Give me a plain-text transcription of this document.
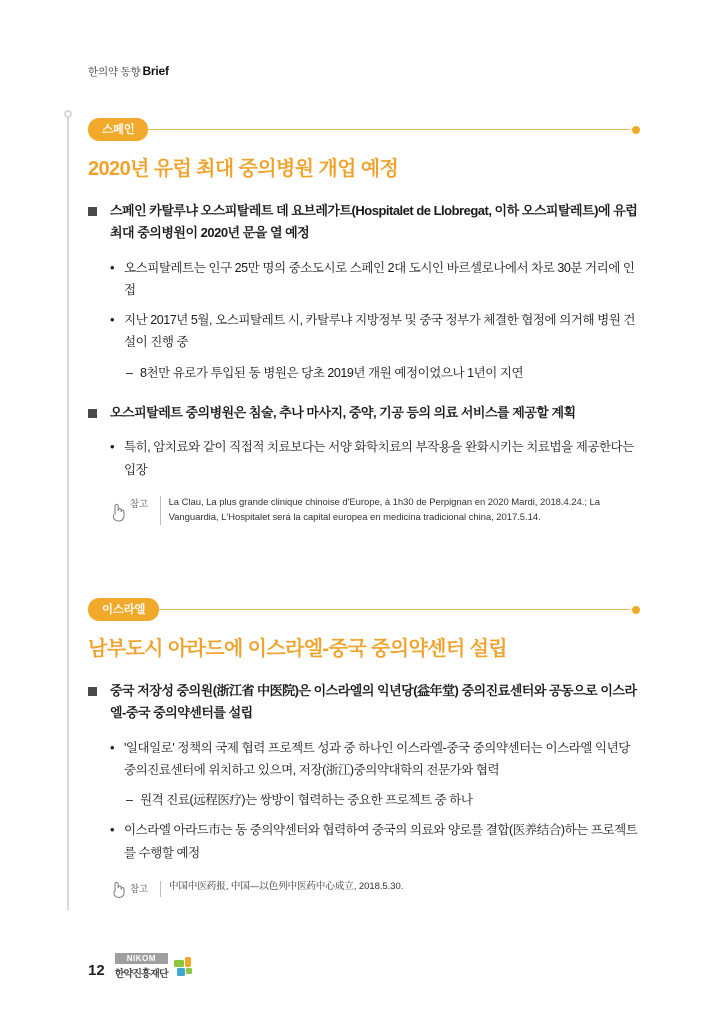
한의약 동향 Brief
스페인
2020년 유럽 최대 중의병원 개업 예정
스페인 카탈루냐 오스피탈레트 데 요브레가트(Hospitalet de Llobregat, 이하 오스피탈레트)에 유럽 최대 중의병원이 2020년 문을 열 예정
• 오스피탈레트는 인구 25만 명의 중소도시로 스페인 2대 도시인 바르셀로나에서 차로 30분 거리에 인접
• 지난 2017년 5월, 오스피탈레트 시, 카탈루냐 지방정부 및 중국 정부가 체결한 협정에 의거해 병원 건설이 진행 중
– 8천만 유로가 투입된 동 병원은 당초 2019년 개원 예정이었으나 1년이 지연
오스피탈레트 중의병원은 침술, 추나 마사지, 중약, 기공 등의 의료 서비스를 제공할 계획
• 특히, 암치료와 같이 직접적 치료보다는 서양 화학치료의 부작용을 완화시키는 치료법을 제공한다는 입장
참고	La Clau, La plus grande clinique chinoise d'Europe, à 1h30 de Perpignan en 2020 Mardi, 2018.4.24.; La Vanguardia, L'Hospitalet será la capital europea en medicina tradicional china, 2017.5.14.
이스라엘
남부도시 아라드에 이스라엘-중국 중의약센터 설립
중국 저장성 중의원(浙江省 中医院)은 이스라엘의 익년당(益年堂) 중의진료센터와 공동으로 이스라엘-중국 중의약센터를 설립
• '일대일로' 정책의 국제 협력 프로젝트 성과 중 하나인 이스라엘-중국 중의약센터는 이스라엘 익년당 중의진료센터에 위치하고 있으며, 저장(浙江)중의약대학의 전문가와 협력
– 원격 진료(远程医疗)는 쌍방이 협력하는 중요한 프로젝트 중 하나
• 이스라엘 아라드市는 동 중의약센터와 협력하여 중국의 의료와 양로를 결합(医养结合)하는 프로젝트를 수행할 예정
참고	中国中医药报, 中国—以色列中医药中心成立, 2018.5.30.
12
NIKOM
한약진흥재단
